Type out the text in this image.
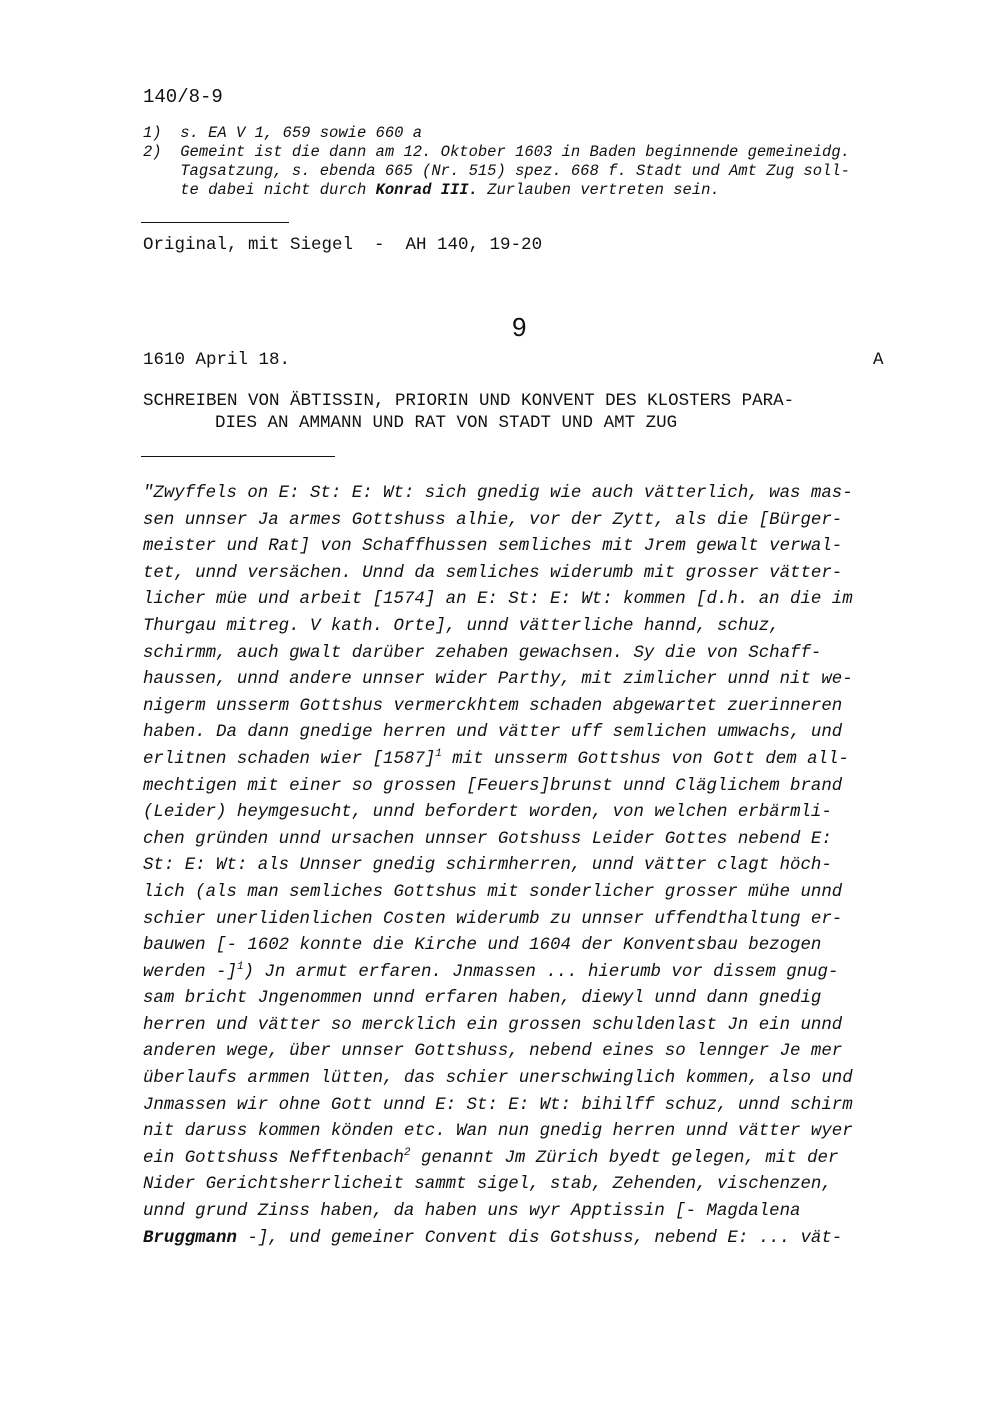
140/8-9
1) s. EA V 1, 659 sowie 660 a
2) Gemeint ist die dann am 12. Oktober 1603 in Baden beginnende gemeineidg.
Tagsatzung, s. ebenda 665 (Nr. 515) spez. 668 f. Stadt und Amt Zug soll-
te dabei nicht durch Konrad III. Zurlauben vertreten sein.
Original, mit Siegel  -  AH 140, 19-20
9
1610 April 18.	A
SCHREIBEN VON ÄBTISSIN, PRIORIN UND KONVENT DES KLOSTERS PARA-
DIES AN AMMANN UND RAT VON STADT UND AMT ZUG
"Zwyffels on E: St: E: Wt: sich gnedig wie auch vätterlich, was mas-
sen unnser Ja armes Gottshuss alhie, vor der Zytt, als die [Bürger-
meister und Rat] von Schaffhussen semliches mit Jrem gewalt verwal-
tet, unnd versächen. Unnd da semliches widerumb mit grosser vätter-
licher müe und arbeit [1574] an E: St: E: Wt: kommen [d.h. an die im
Thurgau mitreg. V kath. Orte], unnd vätterliche hannd, schuz,
schirmm, auch gwalt darüber zehaben gewachsen. Sy die von Schaff-
haussen, unnd andere unnser wider Parthy, mit zimlicher unnd nit we-
nigerm unsserm Gottshus vermerckhtem schaden abgewartet zuerinneren
haben. Da dann gnedige herren und vätter uff semlichen umwachs, und
erlitnen schaden wier $[1587]^1$ mit unsserm Gottshus von Gott dem all-
mechtigen mit einer so grossen [Feuers]brunst unnd Cläglichem brand
(Leider) heymgesucht, unnd befordert worden, von welchen erbärmli-
chen gründen unnd ursachen unnser Gotshuss Leider Gottes nebend E:
St: E: Wt: als Unnser gnedig schirmherren, unnd vätter clagt höch-
lich (als man semliches Gottshus mit sonderlicher grosser mühe unnd
schier unerlidenlichen Costen widerumb zu unnser uffendthaltung er-
bauwen [- 1602 konnte die Kirche und 1604 der Konventsbau bezogen
werden -]$^1$) Jn armut erfaren. Jnmassen ... hierumb vor dissem gnug-
sam bricht Jngenommen unnd erfaren haben, diewyl unnd dann gnedig
herren und vätter so mercklich ein grossen schuldenlast Jn ein unnd
anderen wege, über unnser Gottshuss, nebend eines so lennger Je mer
überlaufs armmen lütten, das schier unerschwinglich kommen, also und
Jnmassen wir ohne Gott unnd E: St: E: Wt: bihilff schuz, unnd schirm
nit daruss kommen könden etc. Wan nun gnedig herren unnd vätter wyer
ein Gottshuss Nefftenbach$^2$ genannt Jm Zürich byedt gelegen, mit der
Nider Gerichtsherrlicheit sammt sigel, stab, Zehenden, vischenzen,
unnd grund Zinss haben, da haben uns wyr Apptissin [- Magdalena
Bruggmann -], und gemeiner Convent dis Gotshuss, nebend E: ... vät-
